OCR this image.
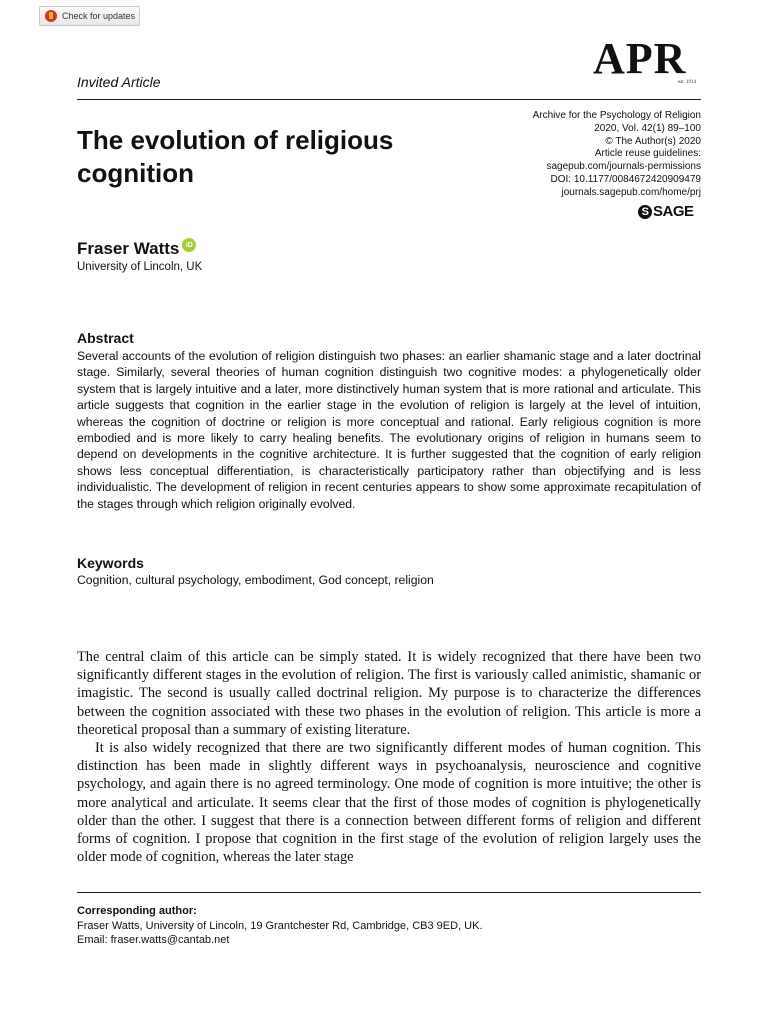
Check for updates
Invited Article	APR
est. 1914
The evolution of religious cognition
Archive for the Psychology of Religion
2020, Vol. 42(1) 89–100
© The Author(s) 2020
Article reuse guidelines:
sagepub.com/journals-permissions
DOI: 10.1177/0084672420909479
journals.sagepub.com/home/prj
S SAGE
Fraser Watts iD
University of Lincoln, UK
Abstract

Several accounts of the evolution of religion distinguish two phases: an earlier shamanic stage and a later doctrinal stage. Similarly, several theories of human cognition distinguish two cognitive modes: a phylogenetically older system that is largely intuitive and a later, more distinctively human system that is more rational and articulate. This article suggests that cognition in the earlier stage in the evolution of religion is largely at the level of intuition, whereas the cognition of doctrine or religion is more conceptual and rational. Early religious cognition is more embodied and is more likely to carry healing benefits. The evolutionary origins of religion in humans seem to depend on developments in the cognitive architecture. It is further suggested that the cognition of early religion shows less conceptual differentiation, is characteristically participatory rather than objectifying and is less individualistic. The development of religion in recent centuries appears to show some approximate recapitulation of the stages through which religion originally evolved.

Keywords
Cognition, cultural psychology, embodiment, God concept, religion

The central claim of this article can be simply stated. It is widely recognized that there have been two significantly different stages in the evolution of religion. The first is variously called animistic, shamanic or imagistic. The second is usually called doctrinal religion. My purpose is to characterize the differences between the cognition associated with these two phases in the evolution of religion. This article is more a theoretical proposal than a summary of existing literature.

It is also widely recognized that there are two significantly different modes of human cognition. This distinction has been made in slightly different ways in psychoanalysis, neuroscience and cognitive psychology, and again there is no agreed terminology. One mode of cognition is more intuitive; the other is more analytical and articulate. It seems clear that the first of those modes of cognition is phylogenetically older than the other. I suggest that there is a connection between different forms of religion and different forms of cognition. I propose that cognition in the first stage of the evolution of religion largely uses the older mode of cognition, whereas the later stage

Corresponding author:
Fraser Watts, University of Lincoln, 19 Grantchester Rd, Cambridge, CB3 9ED, UK.
Email: fraser.watts@cantab.net
